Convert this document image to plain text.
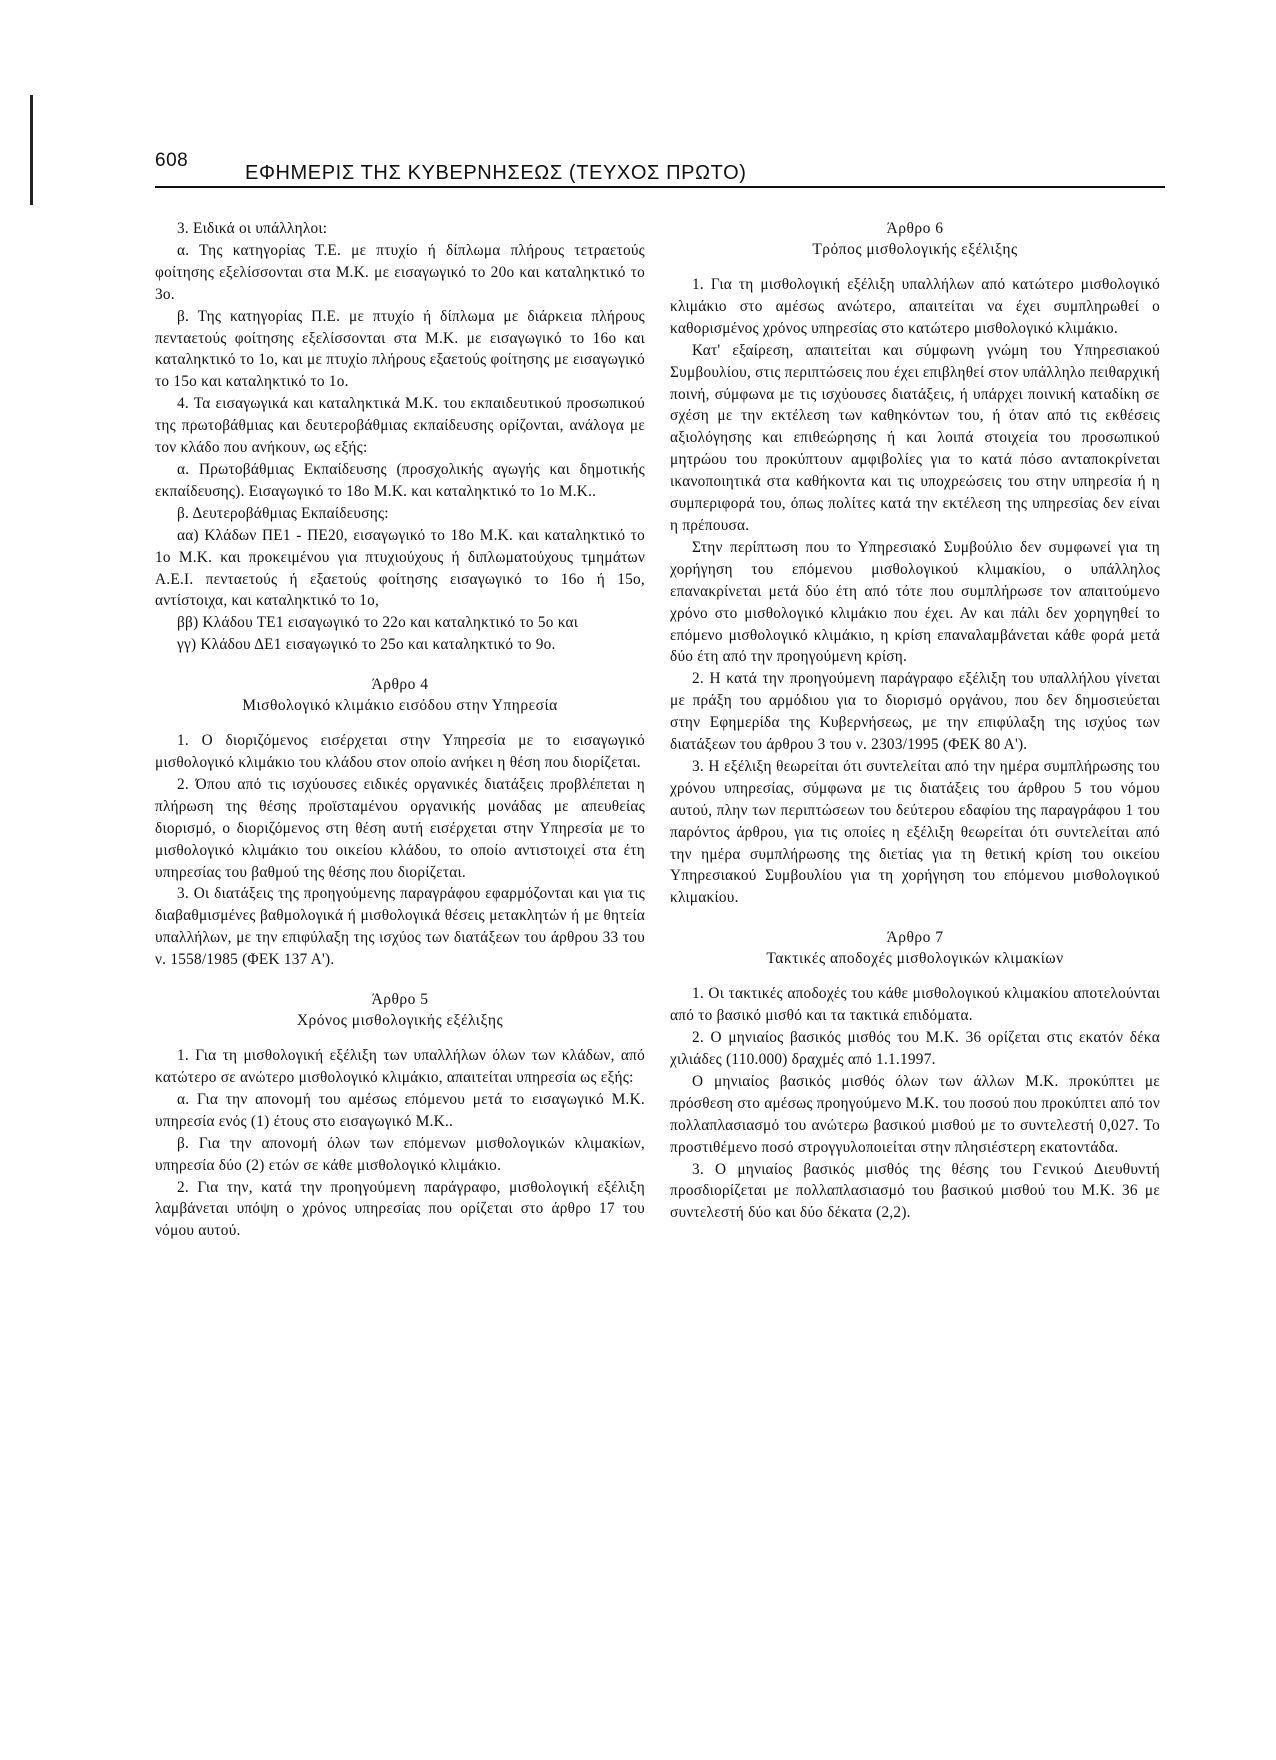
608
ΕΦΗΜΕΡΙΣ ΤΗΣ ΚΥΒΕΡΝΗΣΕΩΣ (ΤΕΥΧΟΣ ΠΡΩΤΟ)

3. Ειδικά οι υπάλληλοι:

α. Της κατηγορίας Τ.Ε. με πτυχίο ή δίπλωμα πλήρους τετραετούς φοίτησης εξελίσσονται στα Μ.Κ. με εισαγωγικό το 20ο και καταληκτικό το 3ο.

β. Της κατηγορίας Π.Ε. με πτυχίο ή δίπλωμα με διάρκεια πλήρους πενταετούς φοίτησης εξελίσσονται στα Μ.Κ. με εισαγωγικό το 16ο και καταληκτικό το 1ο, και με πτυχίο πλήρους εξαετούς φοίτησης με εισαγωγικό το 15ο και καταληκτικό το 1ο.

4. Τα εισαγωγικά και καταληκτικά Μ.Κ. του εκπαιδευτικού προσωπικού της πρωτοβάθμιας και δευτεροβάθμιας εκπαίδευσης ορίζονται, ανάλογα με τον κλάδο που ανήκουν, ως εξής:

α. Πρωτοβάθμιας Εκπαίδευσης (προσχολικής αγωγής και δημοτικής εκπαίδευσης). Εισαγωγικό το 18ο Μ.Κ. και καταληκτικό το 1ο Μ.Κ..

β. Δευτεροβάθμιας Εκπαίδευσης:

αα) Κλάδων ΠΕ1 - ΠΕ20, εισαγωγικό το 18ο Μ.Κ. και καταληκτικό το 1ο Μ.Κ. και προκειμένου για πτυχιούχους ή διπλωματούχους τμημάτων Α.Ε.Ι. πενταετούς ή εξαετούς φοίτησης εισαγωγικό το 16ο ή 15ο, αντίστοιχα, και καταληκτικό το 1ο,

ββ) Κλάδου ΤΕ1 εισαγωγικό το 22ο και καταληκτικό το 5ο και

γγ) Κλάδου ΔΕ1 εισαγωγικό το 25ο και καταληκτικό το 9ο.

Άρθρο 4
Μισθολογικό κλιμάκιο εισόδου στην Υπηρεσία

1. Ο διοριζόμενος εισέρχεται στην Υπηρεσία με το εισαγωγικό μισθολογικό κλιμάκιο του κλάδου στον οποίο ανήκει η θέση που διορίζεται.

2. Όπου από τις ισχύουσες ειδικές οργανικές διατάξεις προβλέπεται η πλήρωση της θέσης προϊσταμένου οργανικής μονάδας με απευθείας διορισμό, ο διοριζόμενος στη θέση αυτή εισέρχεται στην Υπηρεσία με το μισθολογικό κλιμάκιο του οικείου κλάδου, το οποίο αντιστοιχεί στα έτη υπηρεσίας του βαθμού της θέσης που διορίζεται.

3. Οι διατάξεις της προηγούμενης παραγράφου εφαρμόζονται και για τις διαβαθμισμένες βαθμολογικά ή μισθολογικά θέσεις μετακλητών ή με θητεία υπαλλήλων, με την επιφύλαξη της ισχύος των διατάξεων του άρθρου 33 του ν. 1558/1985 (ΦΕΚ 137 Α').

Άρθρο 5
Χρόνος μισθολογικής εξέλιξης

1. Για τη μισθολογική εξέλιξη των υπαλλήλων όλων των κλάδων, από κατώτερο σε ανώτερο μισθολογικό κλιμάκιο, απαιτείται υπηρεσία ως εξής:

α. Για την απονομή του αμέσως επόμενου μετά το εισαγωγικό Μ.Κ. υπηρεσία ενός (1) έτους στο εισαγωγικό Μ.Κ..

β. Για την απονομή όλων των επόμενων μισθολογικών κλιμακίων, υπηρεσία δύο (2) ετών σε κάθε μισθολογικό κλιμάκιο.

2. Για την, κατά την προηγούμενη παράγραφο, μισθολογική εξέλιξη λαμβάνεται υπόψη ο χρόνος υπηρεσίας που ορίζεται στο άρθρο 17 του νόμου αυτού.

Άρθρο 6
Τρόπος μισθολογικής εξέλιξης

1. Για τη μισθολογική εξέλιξη υπαλλήλων από κατώτερο μισθολογικό κλιμάκιο στο αμέσως ανώτερο, απαιτείται να έχει συμπληρωθεί ο καθορισμένος χρόνος υπηρεσίας στο κατώτερο μισθολογικό κλιμάκιο.

Κατ' εξαίρεση, απαιτείται και σύμφωνη γνώμη του Υπηρεσιακού Συμβουλίου, στις περιπτώσεις που έχει επιβληθεί στον υπάλληλο πειθαρχική ποινή, σύμφωνα με τις ισχύουσες διατάξεις, ή υπάρχει ποινική καταδίκη σε σχέση με την εκτέλεση των καθηκόντων του, ή όταν από τις εκθέσεις αξιολόγησης και επιθεώρησης ή και λοιπά στοιχεία του προσωπικού μητρώου του προκύπτουν αμφιβολίες για το κατά πόσο ανταποκρίνεται ικανοποιητικά στα καθήκοντα και τις υποχρεώσεις του στην υπηρεσία ή η συμπεριφορά του, όπως πολίτες κατά την εκτέλεση της υπηρεσίας δεν είναι η πρέπουσα.

Στην περίπτωση που το Υπηρεσιακό Συμβούλιο δεν συμφωνεί για τη χορήγηση του επόμενου μισθολογικού κλιμακίου, ο υπάλληλος επανακρίνεται μετά δύο έτη από τότε που συμπλήρωσε τον απαιτούμενο χρόνο στο μισθολογικό κλιμάκιο που έχει. Αν και πάλι δεν χορηγηθεί το επόμενο μισθολογικό κλιμάκιο, η κρίση επαναλαμβάνεται κάθε φορά μετά δύο έτη από την προηγούμενη κρίση.

2. Η κατά την προηγούμενη παράγραφο εξέλιξη του υπαλλήλου γίνεται με πράξη του αρμόδιου για το διορισμό οργάνου, που δεν δημοσιεύεται στην Εφημερίδα της Κυβερνήσεως, με την επιφύλαξη της ισχύος των διατάξεων του άρθρου 3 του ν. 2303/1995 (ΦΕΚ 80 Α').

3. Η εξέλιξη θεωρείται ότι συντελείται από την ημέρα συμπλήρωσης του χρόνου υπηρεσίας, σύμφωνα με τις διατάξεις του άρθρου 5 του νόμου αυτού, πλην των περιπτώσεων του δεύτερου εδαφίου της παραγράφου 1 του παρόντος άρθρου, για τις οποίες η εξέλιξη θεωρείται ότι συντελείται από την ημέρα συμπλήρωσης της διετίας για τη θετική κρίση του οικείου Υπηρεσιακού Συμβουλίου για τη χορήγηση του επόμενου μισθολογικού κλιμακίου.

Άρθρο 7
Τακτικές αποδοχές μισθολογικών κλιμακίων

1. Οι τακτικές αποδοχές του κάθε μισθολογικού κλιμακίου αποτελούνται από το βασικό μισθό και τα τακτικά επιδόματα.

2. Ο μηνιαίος βασικός μισθός του Μ.Κ. 36 ορίζεται στις εκατόν δέκα χιλιάδες (110.000) δραχμές από 1.1.1997.

Ο μηνιαίος βασικός μισθός όλων των άλλων Μ.Κ. προκύπτει με πρόσθεση στο αμέσως προηγούμενο Μ.Κ. του ποσού που προκύπτει από τον πολλαπλασιασμό του ανώτερω βασικού μισθού με το συντελεστή 0,027. Το προστιθέμενο ποσό στρογγυλοποιείται στην πλησιέστερη εκατοντάδα.

3. Ο μηνιαίος βασικός μισθός της θέσης του Γενικού Διευθυντή προσδιορίζεται με πολλαπλασιασμό του βασικού μισθού του Μ.Κ. 36 με συντελεστή δύο και δύο δέκατα (2,2).
